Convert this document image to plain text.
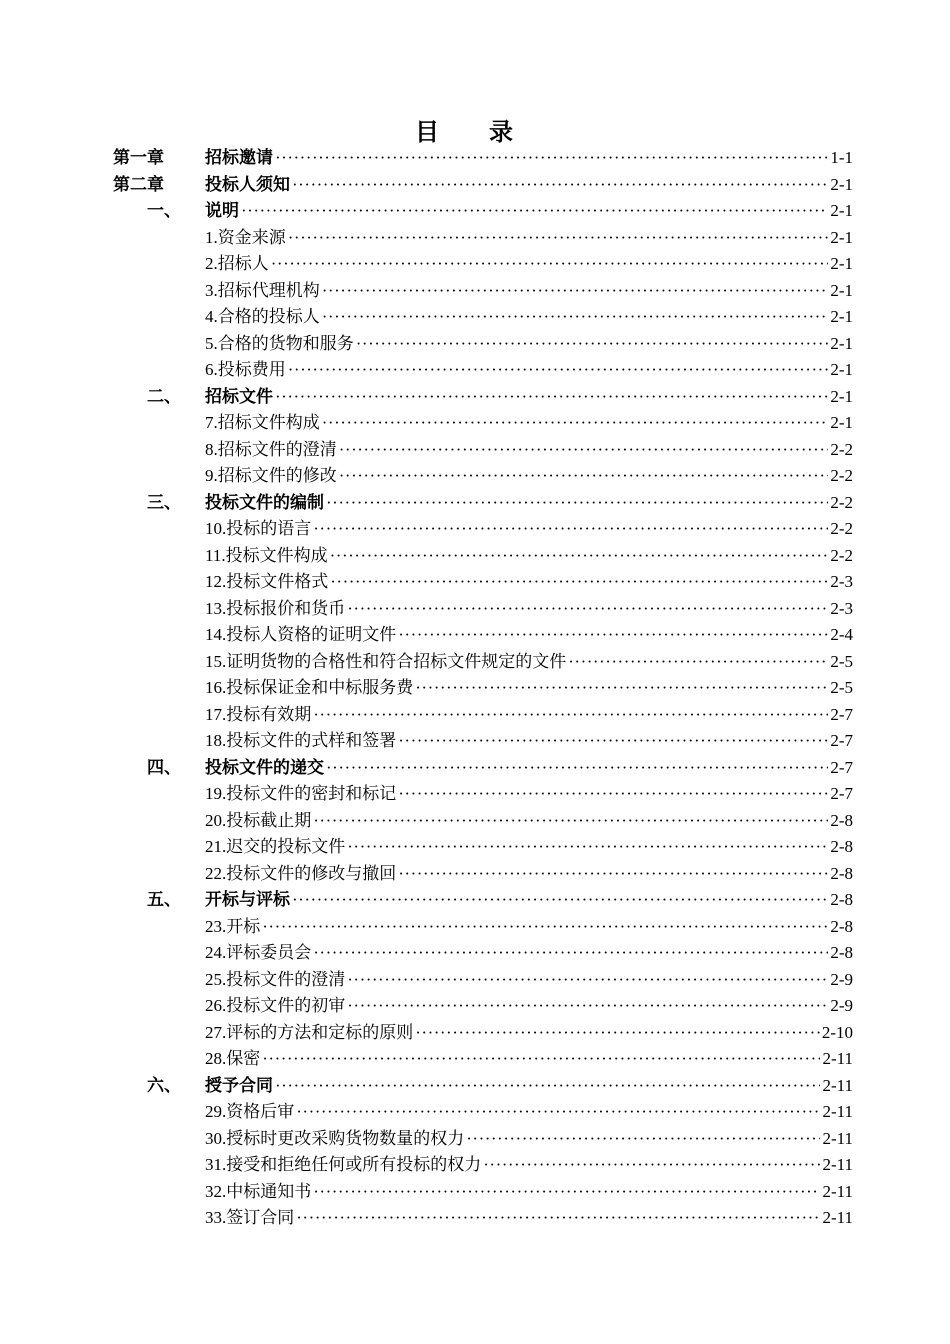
目 录
第一章	招标邀请 ·····	1-1
第二章	投标人须知 ·····	2-1
一、	说明 ·····	2-1
1.资金来源 ·····	2-1
2.招标人 ·····	2-1
3.招标代理机构 ·····	2-1
4.合格的投标人 ·····	2-1
5.合格的货物和服务 ·····	2-1
6.投标费用 ·····	2-1
二、	招标文件 ·····	2-1
7.招标文件构成 ·····	2-1
8.招标文件的澄清 ·····	2-2
9.招标文件的修改 ·····	2-2
三、	投标文件的编制 ·····	2-2
10.投标的语言 ·····	2-2
11.投标文件构成 ·····	2-2
12.投标文件格式 ·····	2-3
13.投标报价和货币 ·····	2-3
14.投标人资格的证明文件 ·····	2-4
15.证明货物的合格性和符合招标文件规定的文件 ·····	2-5
16.投标保证金和中标服务费 ·····	2-5
17.投标有效期 ·····	2-7
18.投标文件的式样和签署 ·····	2-7
四、	投标文件的递交 ·····	2-7
19.投标文件的密封和标记 ·····	2-7
20.投标截止期 ·····	2-8
21.迟交的投标文件 ·····	2-8
22.投标文件的修改与撤回 ·····	2-8
五、	开标与评标 ·····	2-8
23.开标 ·····	2-8
24.评标委员会 ·····	2-8
25.投标文件的澄清 ·····	2-9
26.投标文件的初审 ·····	2-9
27.评标的方法和定标的原则 ·····	2-10
28.保密 ·····	2-11
六、	授予合同 ·····	2-11
29.资格后审 ·····	2-11
30.授标时更改采购货物数量的权力 ·····	2-11
31.接受和拒绝任何或所有投标的权力 ·····	2-11
32.中标通知书 ·····	2-11
33.签订合同 ·····	2-11
